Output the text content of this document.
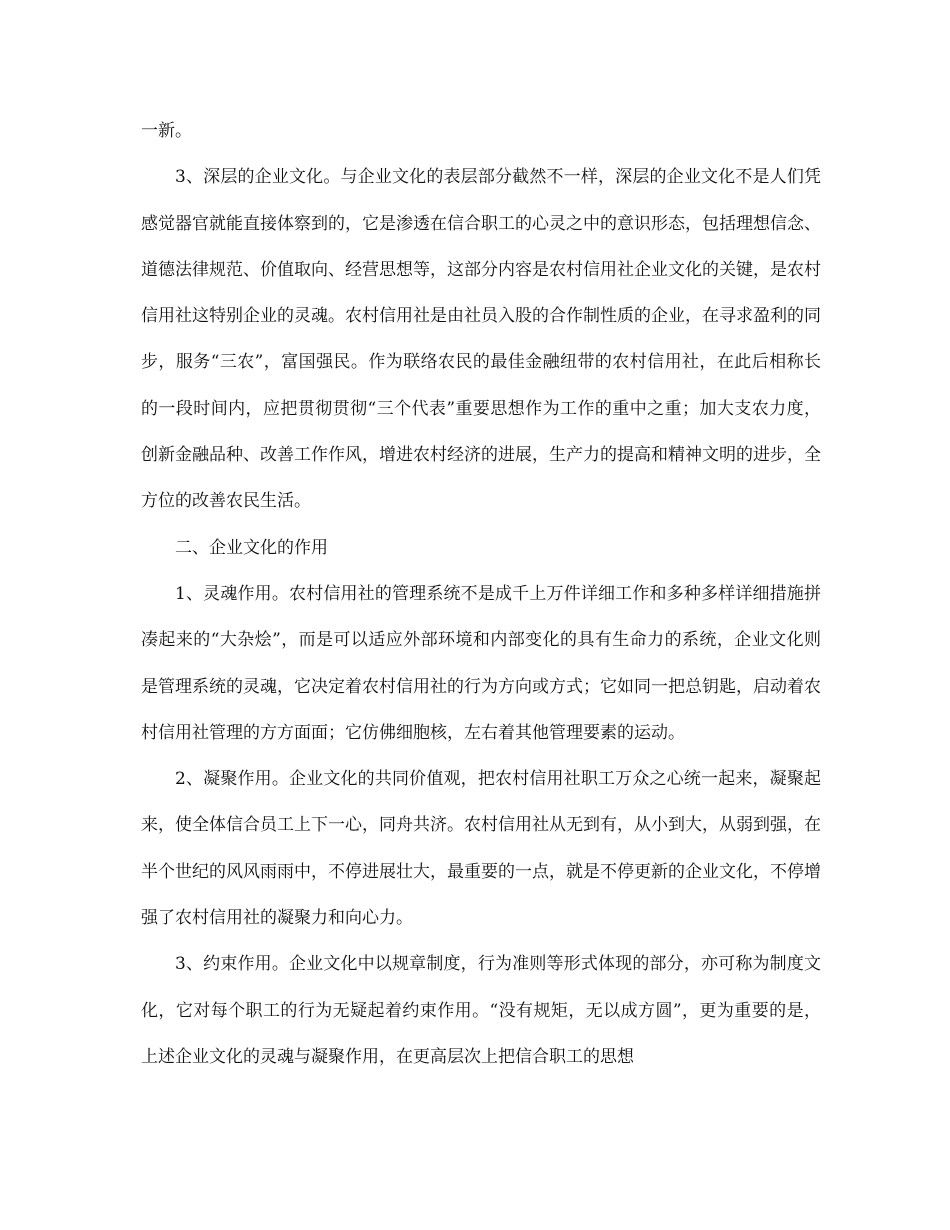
一新。

3、深层的企业文化。与企业文化的表层部分截然不一样，深层的企业文化不是人们凭感觉器官就能直接体察到的，它是渗透在信合职工的心灵之中的意识形态，包括理想信念、道德法律规范、价值取向、经营思想等，这部分内容是农村信用社企业文化的关键，是农村信用社这特别企业的灵魂。农村信用社是由社员入股的合作制性质的企业，在寻求盈利的同步，服务“三农”，富国强民。作为联络农民的最佳金融纽带的农村信用社，在此后相称长的一段时间内，应把贯彻贯彻“三个代表”重要思想作为工作的重中之重；加大支农力度，创新金融品种、改善工作作风，增进农村经济的进展，生产力的提高和精神文明的进步，全方位的改善农民生活。

二、企业文化的作用

1、灵魂作用。农村信用社的管理系统不是成千上万件详细工作和多种多样详细措施拼凑起来的“大杂烩”，而是可以适应外部环境和内部变化的具有生命力的系统，企业文化则是管理系统的灵魂，它决定着农村信用社的行为方向或方式；它如同一把总钥匙，启动着农村信用社管理的方方面面；它仿佛细胞核，左右着其他管理要素的运动。

2、凝聚作用。企业文化的共同价值观，把农村信用社职工万众之心统一起来，凝聚起来，使全体信合员工上下一心，同舟共济。农村信用社从无到有，从小到大，从弱到强，在半个世纪的风风雨雨中，不停进展壮大，最重要的一点，就是不停更新的企业文化，不停增强了农村信用社的凝聚力和向心力。

3、约束作用。企业文化中以规章制度，行为准则等形式体现的部分，亦可称为制度文化，它对每个职工的行为无疑起着约束作用。“没有规矩，无以成方圆”，更为重要的是，上述企业文化的灵魂与凝聚作用，在更高层次上把信合职工的思想
